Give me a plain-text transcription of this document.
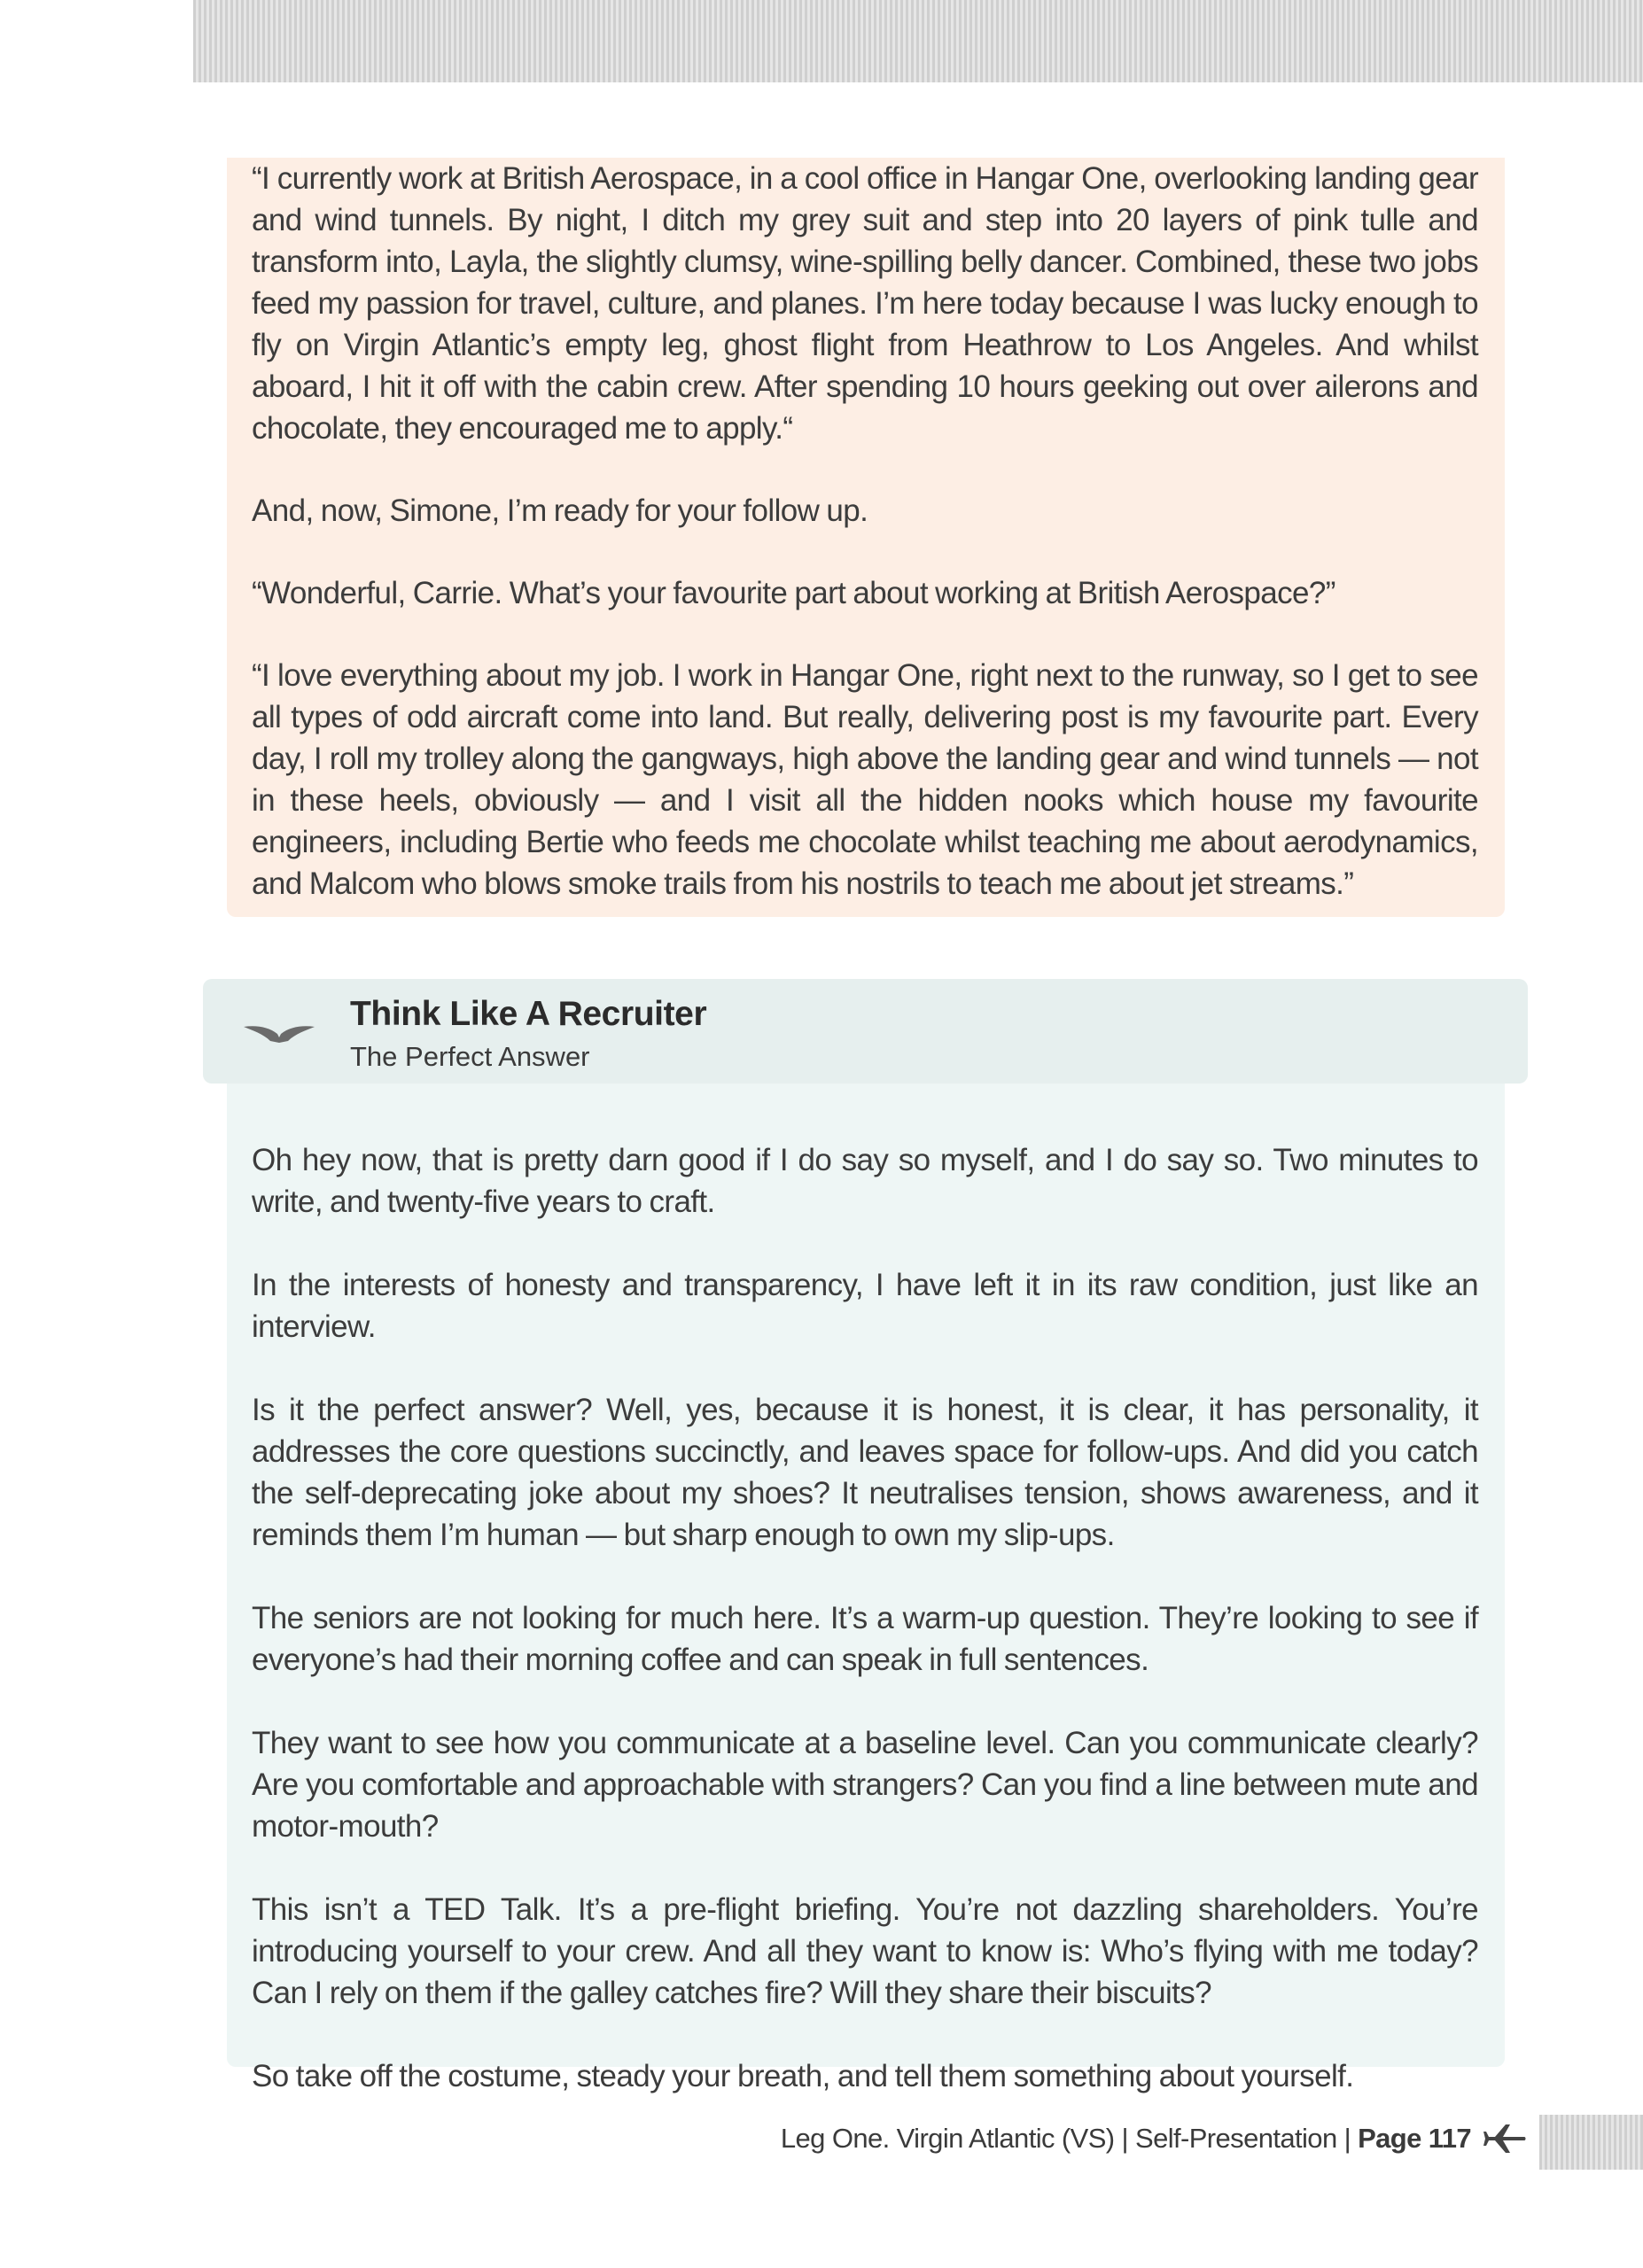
“I currently work at British Aerospace, in a cool office in Hangar One, overlooking landing gear and wind tunnels. By night, I ditch my grey suit and step into 20 layers of pink tulle and transform into, Layla, the slightly clumsy, wine-spilling belly dancer. Combined, these two jobs feed my passion for travel, culture, and planes. I’m here today because I was lucky enough to fly on Virgin Atlantic’s empty leg, ghost flight from Heathrow to Los Angeles. And whilst aboard, I hit it off with the cabin crew. After spending 10 hours geeking out over ailerons and chocolate, they encouraged me to apply.“

And, now, Simone, I’m ready for your follow up.

“Wonderful, Carrie. What’s your favourite part about working at British Aerospace?”

“I love everything about my job. I work in Hangar One, right next to the runway, so I get to see all types of odd aircraft come into land. But really, delivering post is my favourite part. Every day, I roll my trolley along the gangways, high above the landing gear and wind tunnels — not in these heels, obviously — and I visit all the hidden nooks which house my favourite engineers, including Bertie who feeds me chocolate whilst teaching me about aerodynamics, and Malcom who blows smoke trails from his nostrils to teach me about jet streams.”

Think Like A Recruiter
The Perfect Answer

Oh hey now, that is pretty darn good if I do say so myself, and I do say so. Two minutes to write, and twenty-five years to craft.

In the interests of honesty and transparency, I have left it in its raw condition, just like an interview.

Is it the perfect answer? Well, yes, because it is honest, it is clear, it has personality, it addresses the core questions succinctly, and leaves space for follow-ups. And did you catch the self-deprecating joke about my shoes? It neutralises tension, shows awareness, and it reminds them I’m human — but sharp enough to own my slip-ups.

The seniors are not looking for much here. It’s a warm-up question. They’re looking to see if everyone’s had their morning coffee and can speak in full sentences.

They want to see how you communicate at a baseline level. Can you communicate clearly? Are you comfortable and approachable with strangers? Can you find a line between mute and motor-mouth?

This isn’t a TED Talk. It’s a pre-flight briefing. You’re not dazzling shareholders. You’re introducing yourself to your crew. And all they want to know is: Who’s flying with me today? Can I rely on them if the galley catches fire? Will they share their biscuits?

So take off the costume, steady your breath, and tell them something about yourself.

Leg One. Virgin Atlantic (VS) | Self-Presentation | Page 117
